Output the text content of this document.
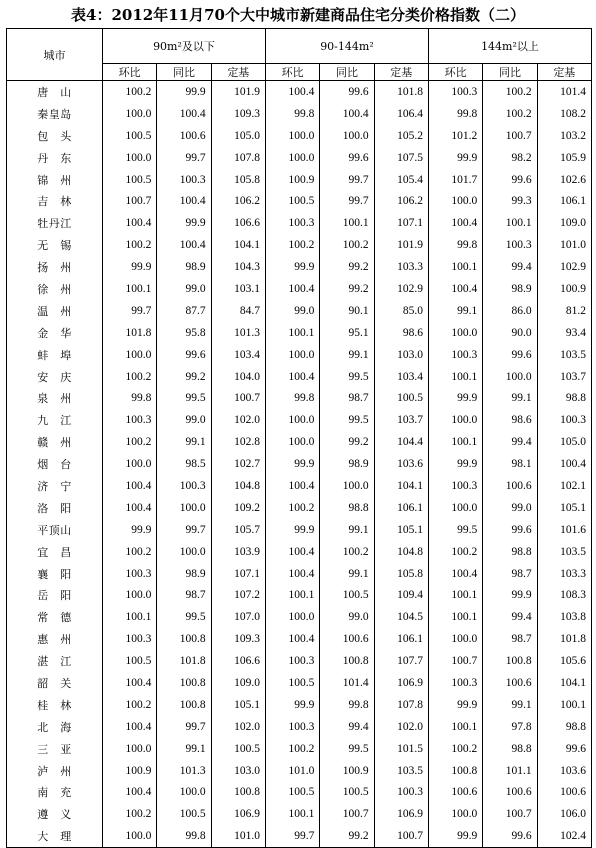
表4：2012年11月70个大中城市新建商品住宅分类价格指数（二）
城市	90m²及以下			90-144m²			144m²以上		
	环比	同比	定基	环比	同比	定基	环比	同比	定基
唐　山	100.2	99.9	101.9	100.4	99.6	101.8	100.3	100.2	101.4
秦皇岛	100.0	100.4	109.3	99.8	100.4	106.4	99.8	100.2	108.2
包　头	100.5	100.6	105.0	100.0	100.0	105.2	101.2	100.7	103.2
丹　东	100.0	99.7	107.8	100.0	99.6	107.5	99.9	98.2	105.9
锦　州	100.5	100.3	105.8	100.9	99.7	105.4	101.7	99.6	102.6
吉　林	100.7	100.4	106.2	100.5	99.7	106.2	100.0	99.3	106.1
牡丹江	100.4	99.9	106.6	100.3	100.1	107.1	100.4	100.1	109.0
无　锡	100.2	100.4	104.1	100.2	100.2	101.9	99.8	100.3	101.0
扬　州	99.9	98.9	104.3	99.9	99.2	103.3	100.1	99.4	102.9
徐　州	100.1	99.0	103.1	100.4	99.2	102.9	100.4	98.9	100.9
温　州	99.7	87.7	84.7	99.0	90.1	85.0	99.1	86.0	81.2
金　华	101.8	95.8	101.3	100.1	95.1	98.6	100.0	90.0	93.4
蚌　埠	100.0	99.6	103.4	100.0	99.1	103.0	100.3	99.6	103.5
安　庆	100.2	99.2	104.0	100.4	99.5	103.4	100.1	100.0	103.7
泉　州	99.8	99.5	100.7	99.8	98.7	100.5	99.9	99.1	98.8
九　江	100.3	99.0	102.0	100.0	99.5	103.7	100.0	98.6	100.3
赣　州	100.2	99.1	102.8	100.0	99.2	104.4	100.1	99.4	105.0
烟　台	100.0	98.5	102.7	99.9	98.9	103.6	99.9	98.1	100.4
济　宁	100.4	100.3	104.8	100.4	100.0	104.1	100.3	100.6	102.1
洛　阳	100.4	100.0	109.2	100.2	98.8	106.1	100.0	99.0	105.1
平顶山	99.9	99.7	105.7	99.9	99.1	105.1	99.5	99.6	101.6
宜　昌	100.2	100.0	103.9	100.4	100.2	104.8	100.2	98.8	103.5
襄　阳	100.3	98.9	107.1	100.4	99.1	105.8	100.4	98.7	103.3
岳　阳	100.0	98.7	107.2	100.1	100.5	109.4	100.1	99.9	108.3
常　德	100.1	99.5	107.0	100.0	99.0	104.5	100.1	99.4	103.8
惠　州	100.3	100.8	109.3	100.4	100.6	106.1	100.0	98.7	101.8
湛　江	100.5	101.8	106.6	100.3	100.8	107.7	100.7	100.8	105.6
韶　关	100.4	100.8	109.0	100.5	101.4	106.9	100.3	100.6	104.1
桂　林	100.2	100.8	105.1	99.9	99.8	107.8	99.9	99.1	100.1
北　海	100.4	99.7	102.0	100.3	99.4	102.0	100.1	97.8	98.8
三　亚	100.0	99.1	100.5	100.2	99.5	101.5	100.2	98.8	99.6
泸　州	100.9	101.3	103.0	101.0	100.9	103.5	100.8	101.1	103.6
南　充	100.4	100.0	100.8	100.5	100.5	100.3	100.6	100.6	100.6
遵　义	100.2	100.5	106.9	100.1	100.7	106.9	100.0	100.7	106.0
大　理	100.0	99.8	101.0	99.7	99.2	100.7	99.9	99.6	102.4
